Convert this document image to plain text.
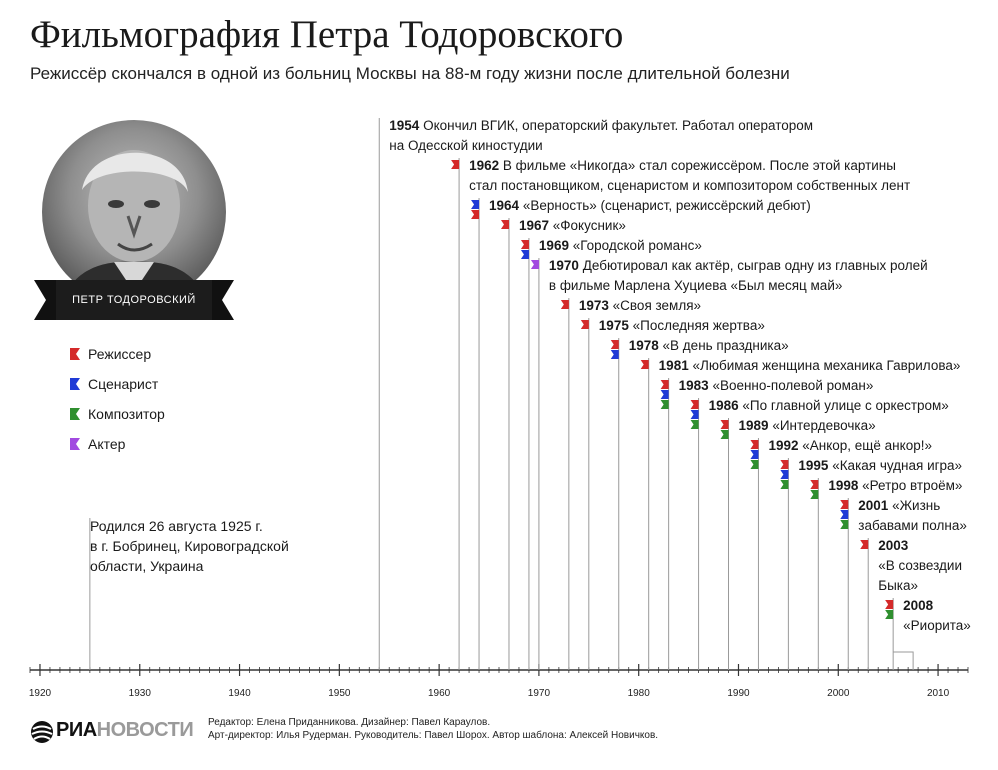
Фильмография Петра Тодоровского
Режиссёр скончался в одной из больниц Москвы на 88-м году жизни после длительной болезни
ПЕТР ТОДОРОВСКИЙ
Режиссер
Сценарист
Композитор
Актер
Родился 26 августа 1925 г.
в г. Бобринец, Кировоградской
области, Украина
1954 Окончил ВГИК, операторский факультет. Работал оператором
на Одесской киностудии
1962 В фильме «Никогда» стал сорежиссёром. После этой картины
стал постановщиком, сценаристом и композитором собственных лент
1964 «Верность» (сценарист, режиссёрский дебют)
1967 «Фокусник»
1969 «Городской романс»
1970 Дебютировал как актёр, сыграв одну из главных ролей
в фильме Марлена Хуциева «Был месяц май»
1973 «Своя земля»
1975 «Последняя жертва»
1978 «В день праздника»
1981 «Любимая женщина механика Гаврилова»
1983 «Военно-полевой роман»
1986 «По главной улице с оркестром»
1989 «Интердевочка»
1992 «Анкор, ещё анкор!»
1995 «Какая чудная игра»
1998 «Ретро втроём»
2001 «Жизнь
забавами полна»
2003
«В созвездии
Быка»
2008
«Риорита»
1920	1930	1940	1950	1960	1970	1980	1990	2000	2010
РИАНОВОСТИ Редактор: Елена Приданникова. Дизайнер: Павел Караулов.
Арт-директор: Илья Рудерман. Руководитель: Павел Шорох. Автор шаблона: Алексей Новичков.
